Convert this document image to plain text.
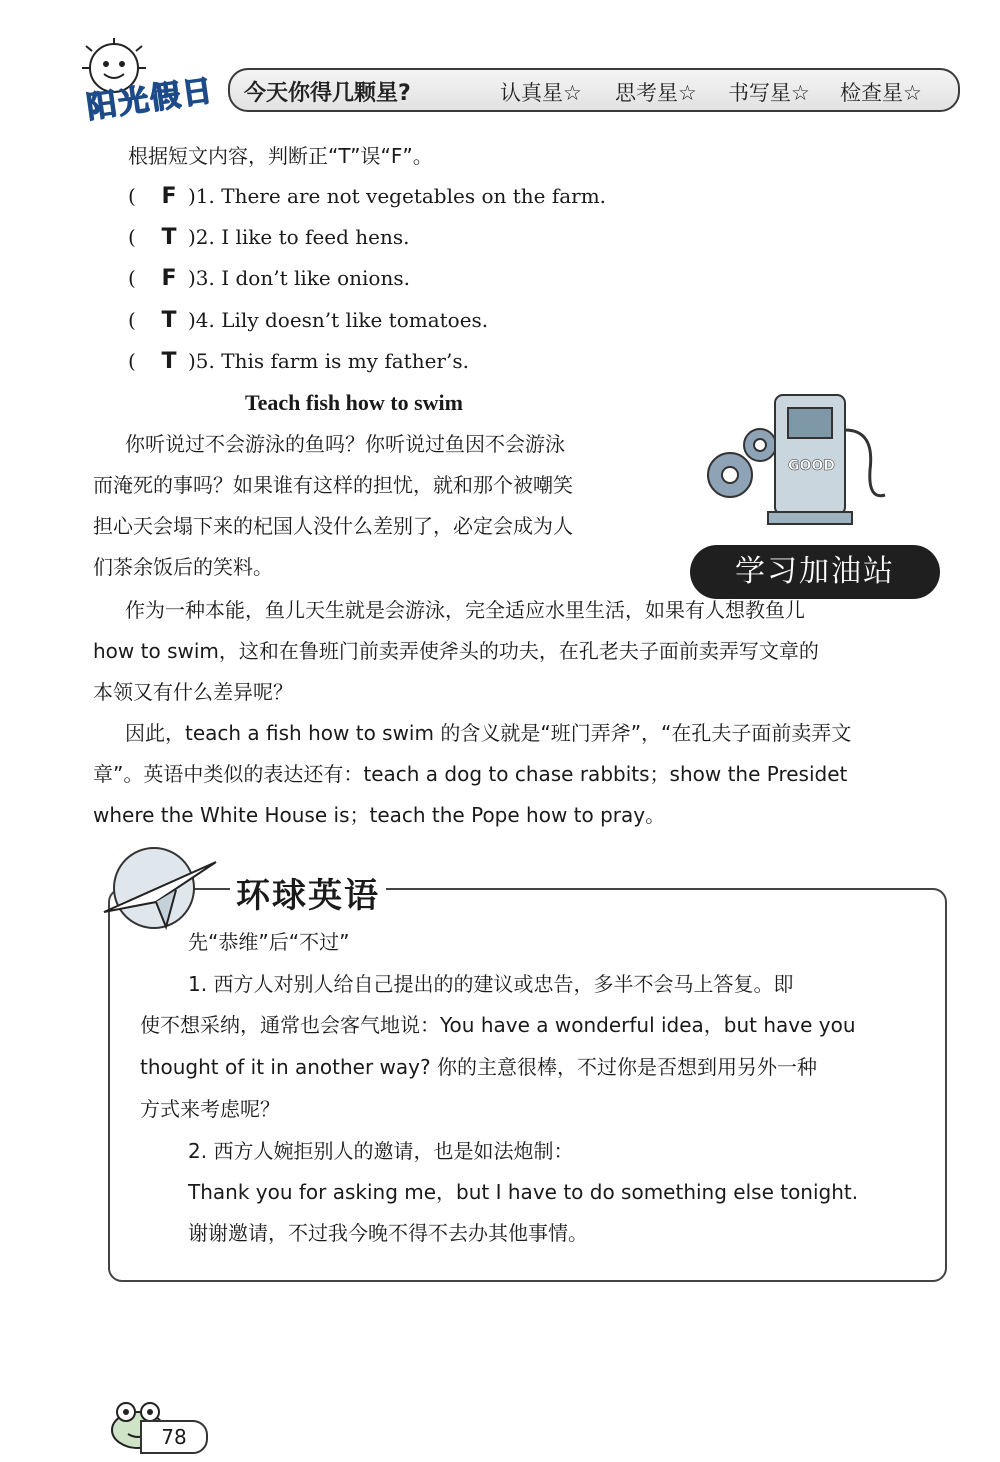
阳光假日 今天你得几颗星?	认真星☆ 思考星☆ 书写星☆ 检查星☆
根据短文内容，判断正“T”误“F”。
( F )1. There are not vegetables on the farm.
( T )2. I like to feed hens.
( F )3. I don’t like onions.
( T )4. Lily doesn’t like tomatoes.
( T )5. This farm is my father’s.
Teach fish how to swim
GOOD
学习加油站
你听说过不会游泳的鱼吗？你听说过鱼因不会游泳
而淹死的事吗？如果谁有这样的担忧，就和那个被嘲笑
担心天会塌下来的杞国人没什么差别了，必定会成为人
们茶余饭后的笑料。
作为一种本能，鱼儿天生就是会游泳，完全适应水里生活，如果有人想教鱼儿
how to swim，这和在鲁班门前卖弄使斧头的功夫，在孔老夫子面前卖弄写文章的
本领又有什么差异呢？
因此，teach a fish how to swim 的含义就是“班门弄斧”，“在孔夫子面前卖弄文
章”。英语中类似的表达还有：teach a dog to chase rabbits；show the Presidet
where the White House is；teach the Pope how to pray。
环球英语
先“恭维”后“不过”
1. 西方人对别人给自己提出的的建议或忠告，多半不会马上答复。即
使不想采纳，通常也会客气地说：You have a wonderful idea，but have you
thought of it in another way? 你的主意很棒，不过你是否想到用另外一种
方式来考虑呢？
2. 西方人婉拒别人的邀请，也是如法炮制：
Thank you for asking me，but I have to do something else tonight.
谢谢邀请，不过我今晚不得不去办其他事情。
78
